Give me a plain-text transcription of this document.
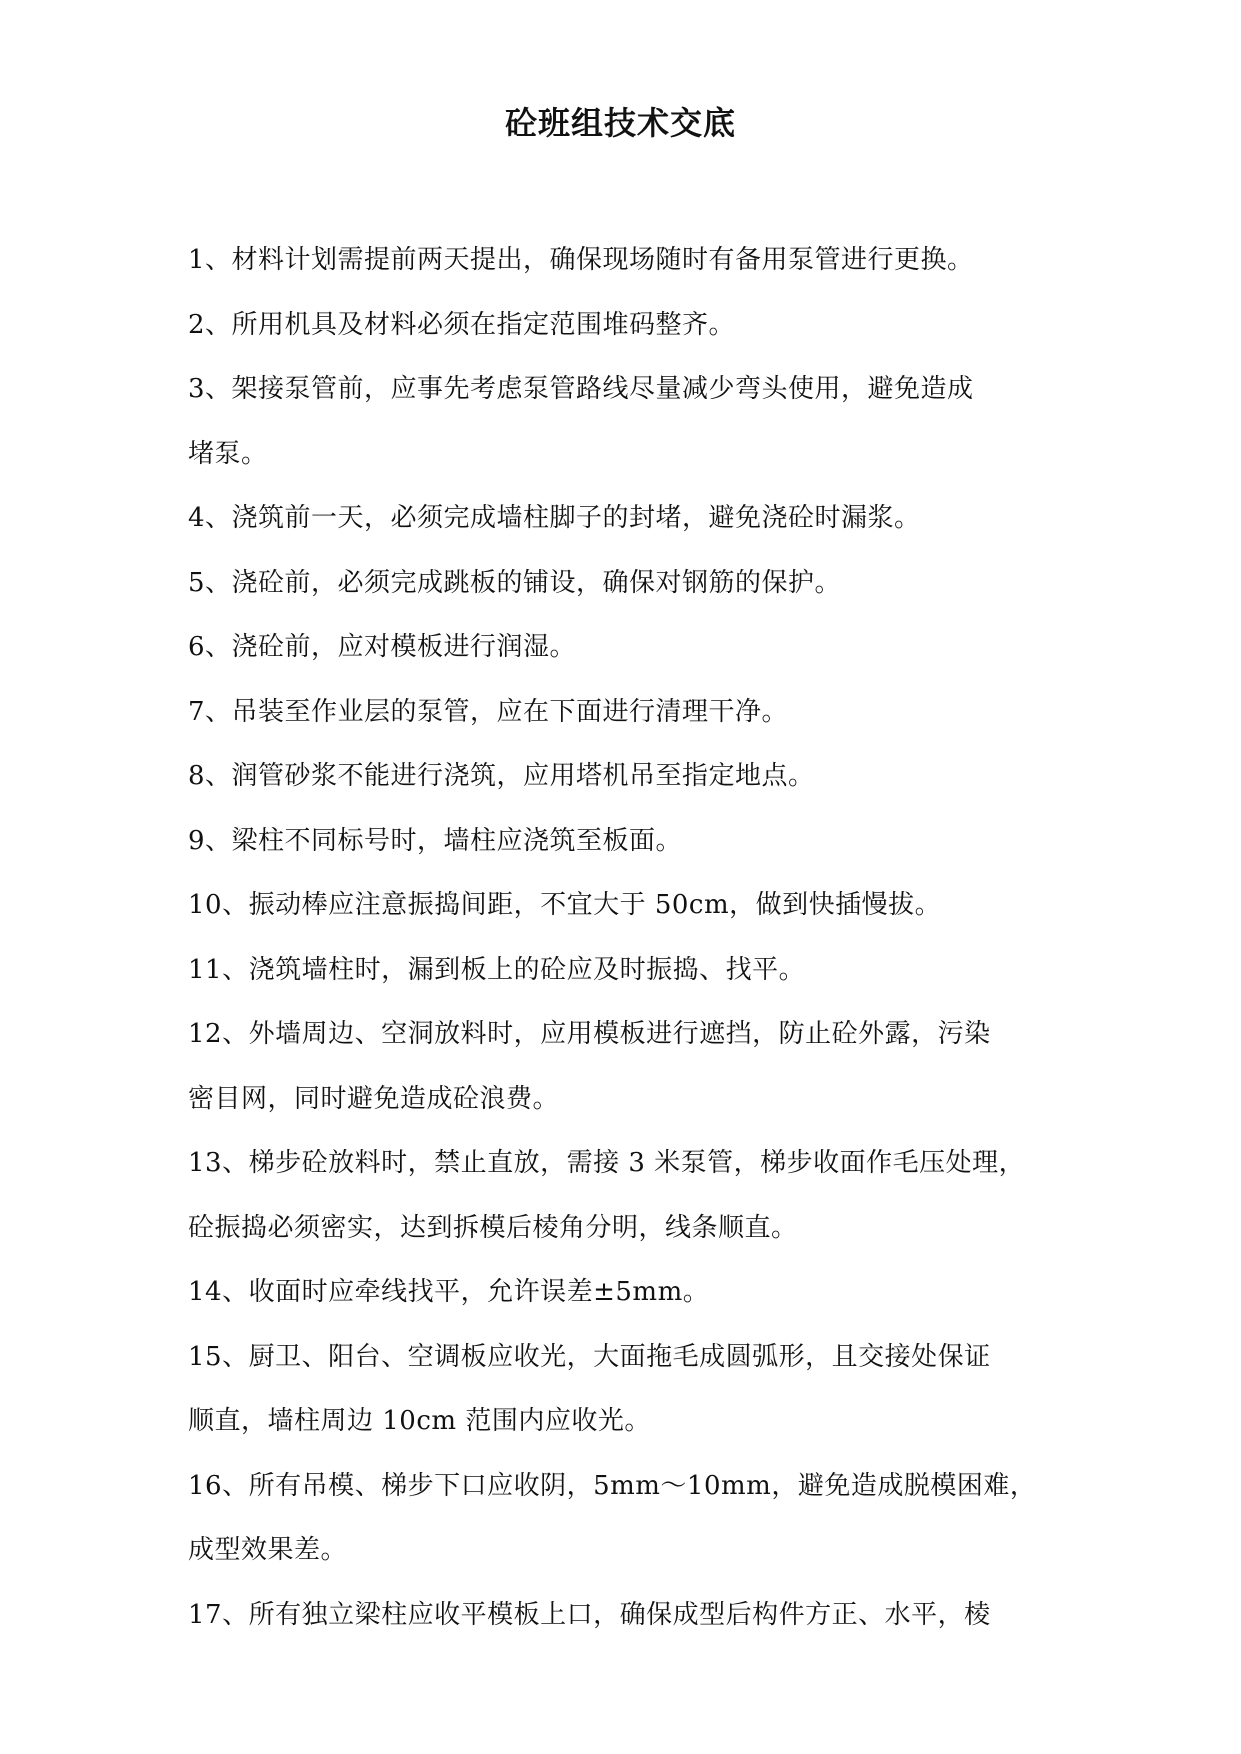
砼班组技术交底
1、材料计划需提前两天提出，确保现场随时有备用泵管进行更换。
2、所用机具及材料必须在指定范围堆码整齐。
3、架接泵管前，应事先考虑泵管路线尽量减少弯头使用，避免造成
堵泵。
4、浇筑前一天，必须完成墙柱脚子的封堵，避免浇砼时漏浆。
5、浇砼前，必须完成跳板的铺设，确保对钢筋的保护。
6、浇砼前，应对模板进行润湿。
7、吊装至作业层的泵管，应在下面进行清理干净。
8、润管砂浆不能进行浇筑，应用塔机吊至指定地点。
9、梁柱不同标号时，墙柱应浇筑至板面。
10、振动棒应注意振捣间距，不宜大于 50cm，做到快插慢拔。
11、浇筑墙柱时，漏到板上的砼应及时振捣、找平。
12、外墙周边、空洞放料时，应用模板进行遮挡，防止砼外露，污染
密目网，同时避免造成砼浪费。
13、梯步砼放料时，禁止直放，需接 3 米泵管，梯步收面作毛压处理，
砼振捣必须密实，达到拆模后棱角分明，线条顺直。
14、收面时应牵线找平，允许误差±5mm。
15、厨卫、阳台、空调板应收光，大面拖毛成圆弧形，且交接处保证
顺直，墙柱周边 10cm 范围内应收光。
16、所有吊模、梯步下口应收阴，5mm～10mm，避免造成脱模困难，
成型效果差。
17、所有独立梁柱应收平模板上口，确保成型后构件方正、水平，棱
